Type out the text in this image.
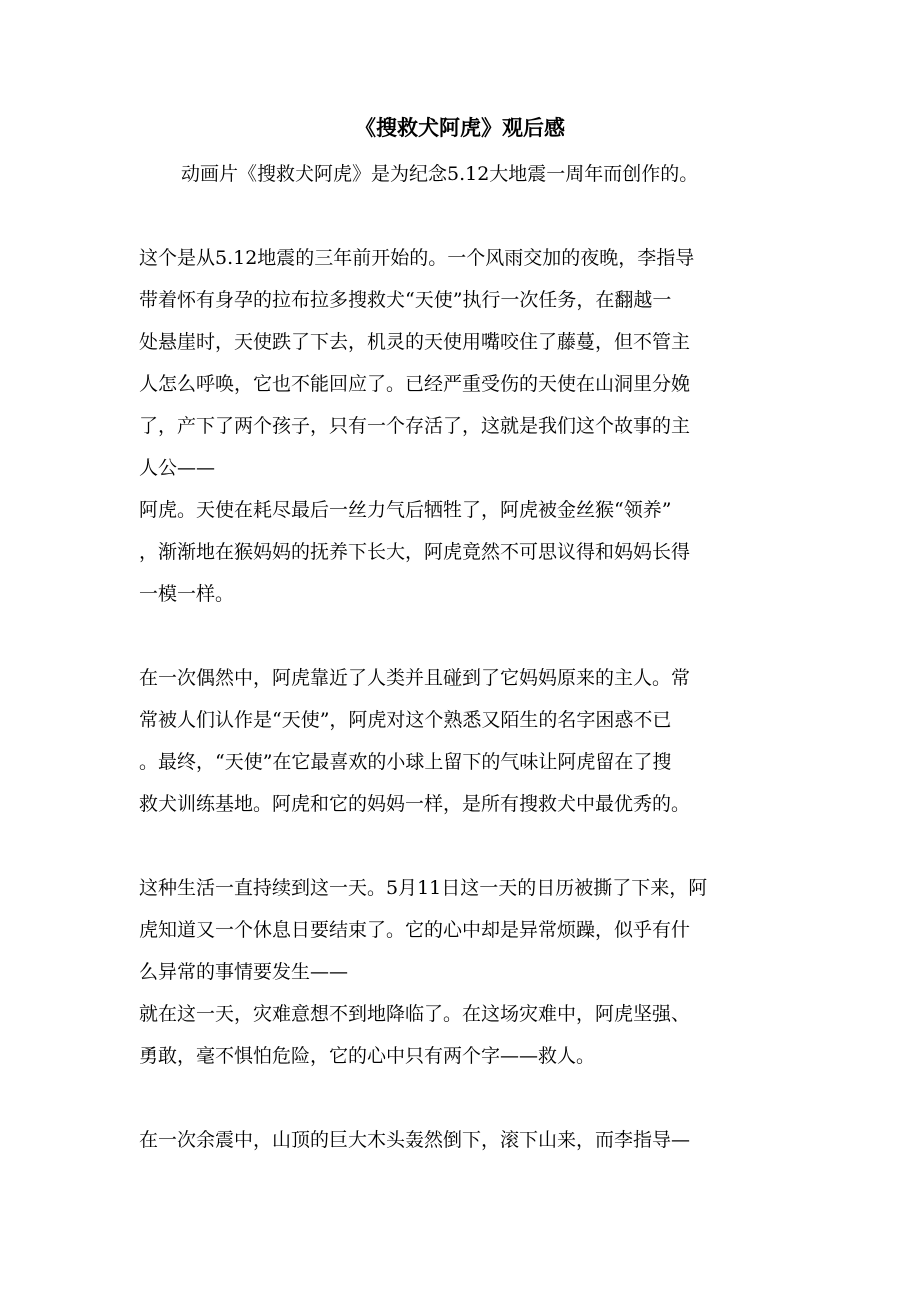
《搜救犬阿虎》观后感
动画片《搜救犬阿虎》是为纪念5.12大地震一周年而创作的。
这个是从5.12地震的三年前开始的。一个风雨交加的夜晚，李指导
带着怀有身孕的拉布拉多搜救犬“天使”执行一次任务，在翻越一
处悬崖时，天使跌了下去，机灵的天使用嘴咬住了藤蔓，但不管主
人怎么呼唤，它也不能回应了。已经严重受伤的天使在山洞里分娩
了，产下了两个孩子，只有一个存活了，这就是我们这个故事的主
人公——
阿虎。天使在耗尽最后一丝力气后牺牲了，阿虎被金丝猴“领养”
，渐渐地在猴妈妈的抚养下长大，阿虎竟然不可思议得和妈妈长得
一模一样。
在一次偶然中，阿虎靠近了人类并且碰到了它妈妈原来的主人。常
常被人们认作是“天使”，阿虎对这个熟悉又陌生的名字困惑不已
。最终，“天使”在它最喜欢的小球上留下的气味让阿虎留在了搜
救犬训练基地。阿虎和它的妈妈一样，是所有搜救犬中最优秀的。
这种生活一直持续到这一天。5月11日这一天的日历被撕了下来，阿
虎知道又一个休息日要结束了。它的心中却是异常烦躁，似乎有什
么异常的事情要发生——
就在这一天，灾难意想不到地降临了。在这场灾难中，阿虎坚强、
勇敢，毫不惧怕危险，它的心中只有两个字——救人。
在一次余震中，山顶的巨大木头轰然倒下，滚下山来，而李指导—
